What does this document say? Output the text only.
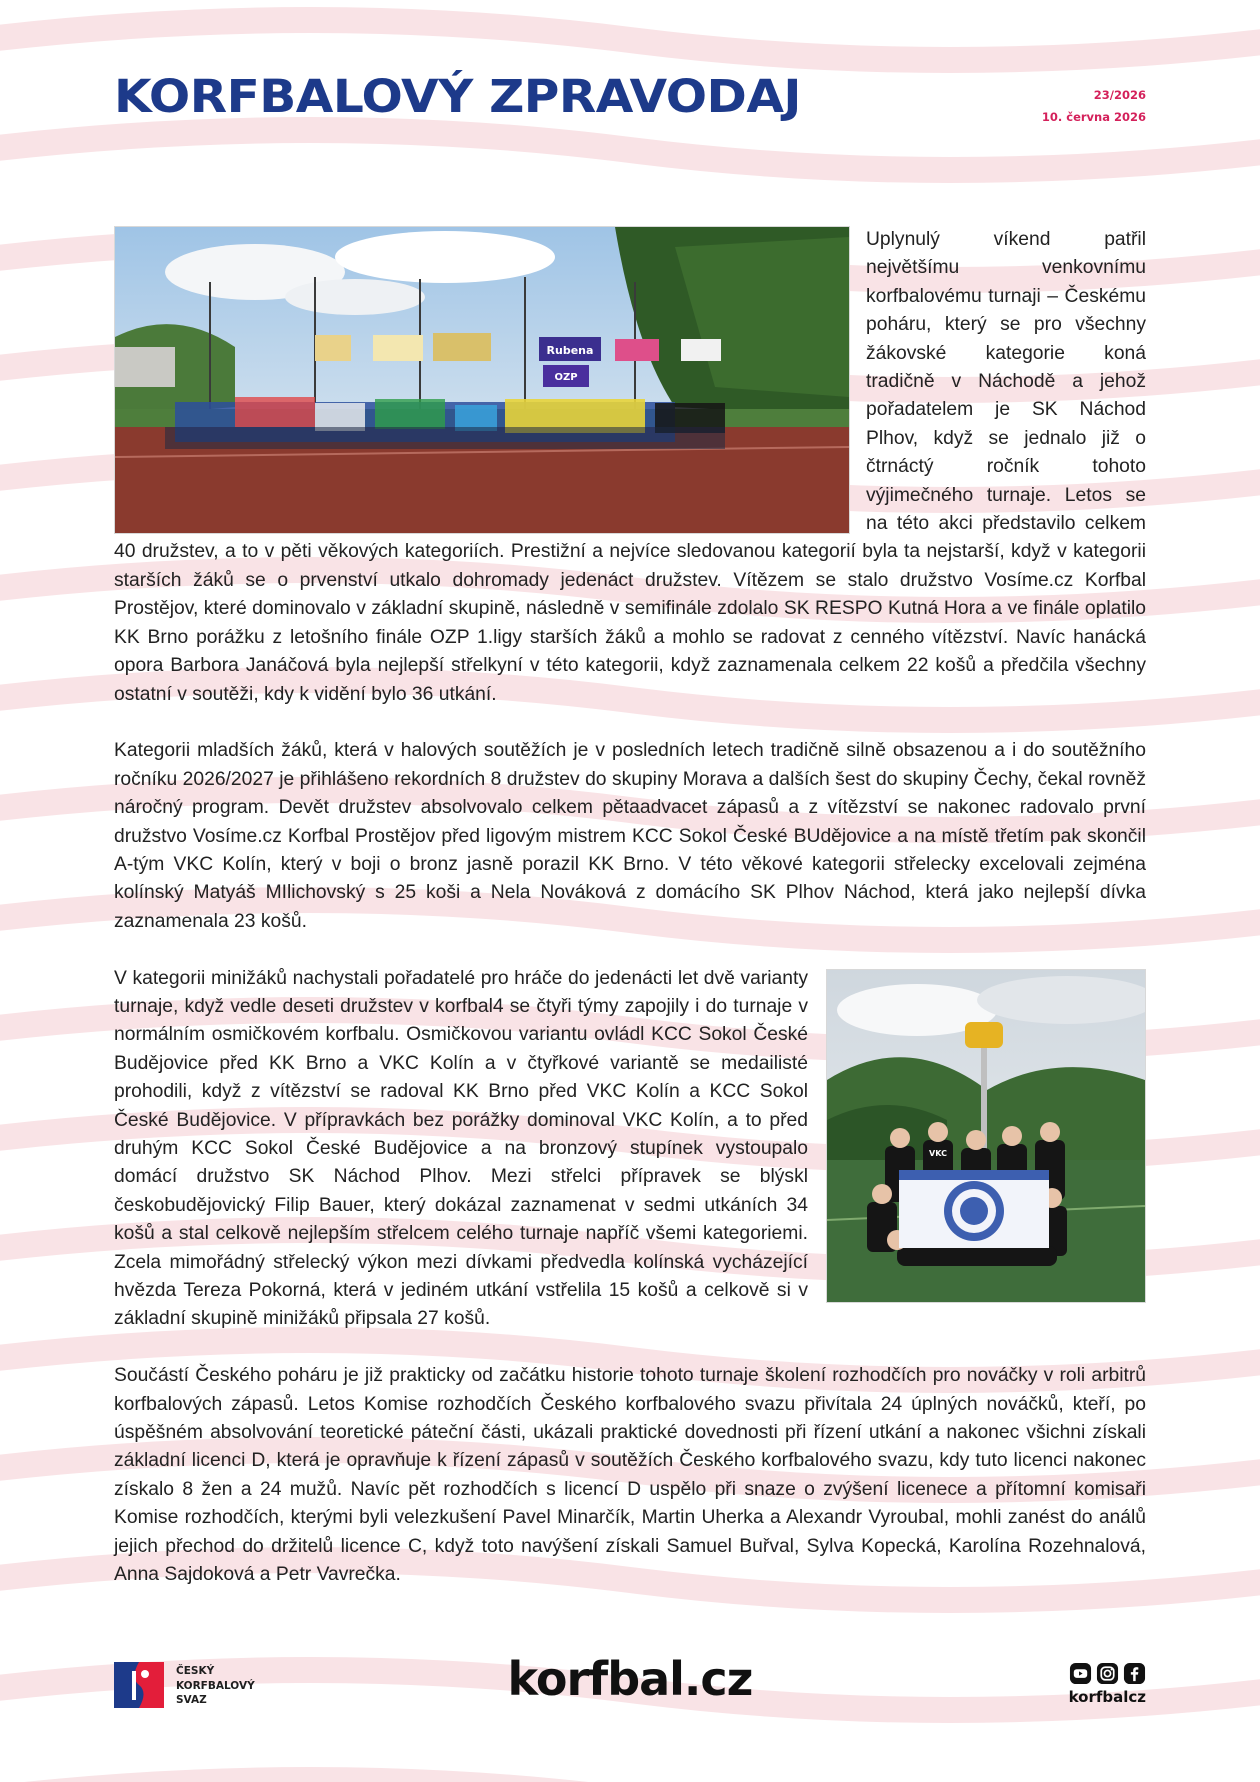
KORFBALOVÝ ZPRAVODAJ	23/2026
10. června 2026
Rubena
OZP

Uplynulý víkend patřil největšímu venkovnímu korfbalovému turnaji – Českému poháru, který se pro všechny žákovské kategorie koná tradičně v Náchodě a jehož pořadatelem je SK Náchod Plhov, když se jednalo již o čtrnáctý ročník tohoto výjimečného turnaje. Letos se na této akci představilo celkem 40 družstev, a to v pěti věkových kategoriích. Prestižní a nejvíce sledovanou kategorií byla ta nejstarší, když v kategorii starších žáků se o prvenství utkalo dohromady jedenáct družstev. Vítězem se stalo družstvo Vosíme.cz Korfbal Prostějov, které dominovalo v základní skupině, následně v semifinále zdolalo SK RESPO Kutná Hora a ve finále oplatilo KK Brno porážku z letošního finále OZP 1.ligy starších žáků a mohlo se radovat z cenného vítězství. Navíc hanácká opora Barbora Janáčová byla nejlepší střelkyní v této kategorii, když zaznamenala celkem 22 košů a předčila všechny ostatní v soutěži, kdy k vidění bylo 36 utkání.

Kategorii mladších žáků, která v halových soutěžích je v posledních letech tradičně silně obsazenou a i do soutěžního ročníku 2026/2027 je přihlášeno rekordních 8 družstev do skupiny Morava a dalších šest do skupiny Čechy, čekal rovněž náročný program. Devět družstev absolvovalo celkem pětaadvacet zápasů a z vítězství se nakonec radovalo první družstvo Vosíme.cz Korfbal Prostějov před ligovým mistrem KCC Sokol České BUdějovice a na místě třetím pak skončil A-tým VKC Kolín, který v boji o bronz jasně porazil KK Brno. V této věkové kategorii střelecky excelovali zejména kolínský Matyáš MIlichovský s 25 koši a Nela Nováková z domácího SK Plhov Náchod, která jako nejlepší dívka zaznamenala 23 košů.

VKC

V kategorii minižáků nachystali pořadatelé pro hráče do jedenácti let dvě varianty turnaje, když vedle deseti družstev v korfbal4 se čtyři týmy zapojily i do turnaje v normálním osmičkovém korfbalu. Osmičkovou variantu ovládl KCC Sokol České Budějovice před KK Brno a VKC Kolín a v čtyřkové variantě se medailisté prohodili, když z vítězství se radoval KK Brno před VKC Kolín a KCC Sokol České Budějovice. V přípravkách bez porážky dominoval VKC Kolín, a to před druhým KCC Sokol České Budějovice a na bronzový stupínek vystoupalo domácí družstvo SK Náchod Plhov. Mezi střelci přípravek se blýskl českobudějovický Filip Bauer, který dokázal zaznamenat v sedmi utkáních 34 košů a stal celkově nejlepším střelcem celého turnaje napříč všemi kategoriemi. Zcela mimořádný střelecký výkon mezi dívkami předvedla kolínská vycházející hvězda Tereza Pokorná, která v jediném utkání vstřelila 15 košů a celkově si v základní skupině minižáků připsala 27 košů.

Součástí Českého poháru je již prakticky od začátku historie tohoto turnaje školení rozhodčích pro nováčky v roli arbitrů korfbalových zápasů. Letos Komise rozhodčích Českého korfbalového svazu přivítala 24 úplných nováčků, kteří, po úspěšném absolvování teoretické páteční části, ukázali praktické dovednosti při řízení utkání a nakonec všichni získali základní licenci D, která je opravňuje k řízení zápasů v soutěžích Českého korfbalového svazu, kdy tuto licenci nakonec získalo 8 žen a 24 mužů. Navíc pět rozhodčích s licencí D uspělo při snaze o zvýšení licenece a přítomní komisaři Komise rozhodčích, kterými byli velezkušení Pavel Minarčík, Martin Uherka a Alexandr Vyroubal, mohli zanést do análů jejich přechod do držitelů licence C, když toto navýšení získali Samuel Buřval, Sylva Kopecká, Karolína Rozehnalová, Anna Sajdoková a Petr Vavrečka.

ČESKÝ
KORFBALOVÝ
SVAZ	korfbal.cz	korfbalcz
